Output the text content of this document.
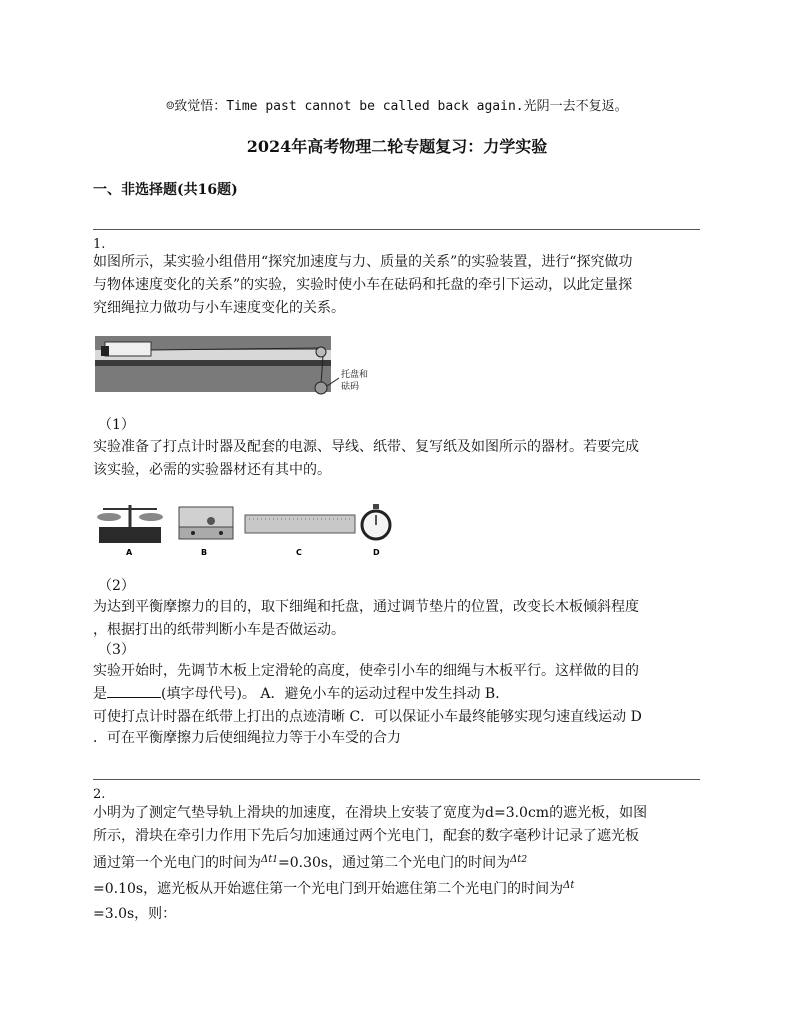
☺致觉悟：Time past cannot be called back again.光阴一去不复返。
2024年高考物理二轮专题复习：力学实验
一、非选择题(共16题)
1.
如图所示，某实验小组借用“探究加速度与力、质量的关系”的实验装置，进行“探究做功
与物体速度变化的关系”的实验，实验时使小车在砝码和托盘的牵引下运动，以此定量探
究细绳拉力做功与小车速度变化的关系。
托盘和
砝码
（1）
实验准备了打点计时器及配套的电源、导线、纸带、复写纸及如图所示的器材。若要完成
该实验，必需的实验器材还有其中的。
A	B	C	D
（2）
为达到平衡摩擦力的目的，取下细绳和托盘，通过调节垫片的位置，改变长木板倾斜程度
，根据打出的纸带判断小车是否做运动。
（3）
实验开始时，先调节木板上定滑轮的高度，使牵引小车的细绳与木板平行。这样做的目的
是	(填字母代号)。 A．避免小车的运动过程中发生抖动 B．
可使打点计时器在纸带上打出的点迹清晰 C．可以保证小车最终能够实现匀速直线运动 D
．可在平衡摩擦力后使细绳拉力等于小车受的合力
2.
小明为了测定气垫导轨上滑块的加速度，在滑块上安装了宽度为d=3.0cm的遮光板，如图
所示，滑块在牵引力作用下先后匀加速通过两个光电门，配套的数字毫秒计记录了遮光板
通过第一个光电门的时间为$^{\Delta t1}$=0.30s，通过第二个光电门的时间为$^{\Delta t2}$
=0.10s，遮光板从开始遮住第一个光电门到开始遮住第二个光电门的时间为$^{\Delta t}$
=3.0s，则：
